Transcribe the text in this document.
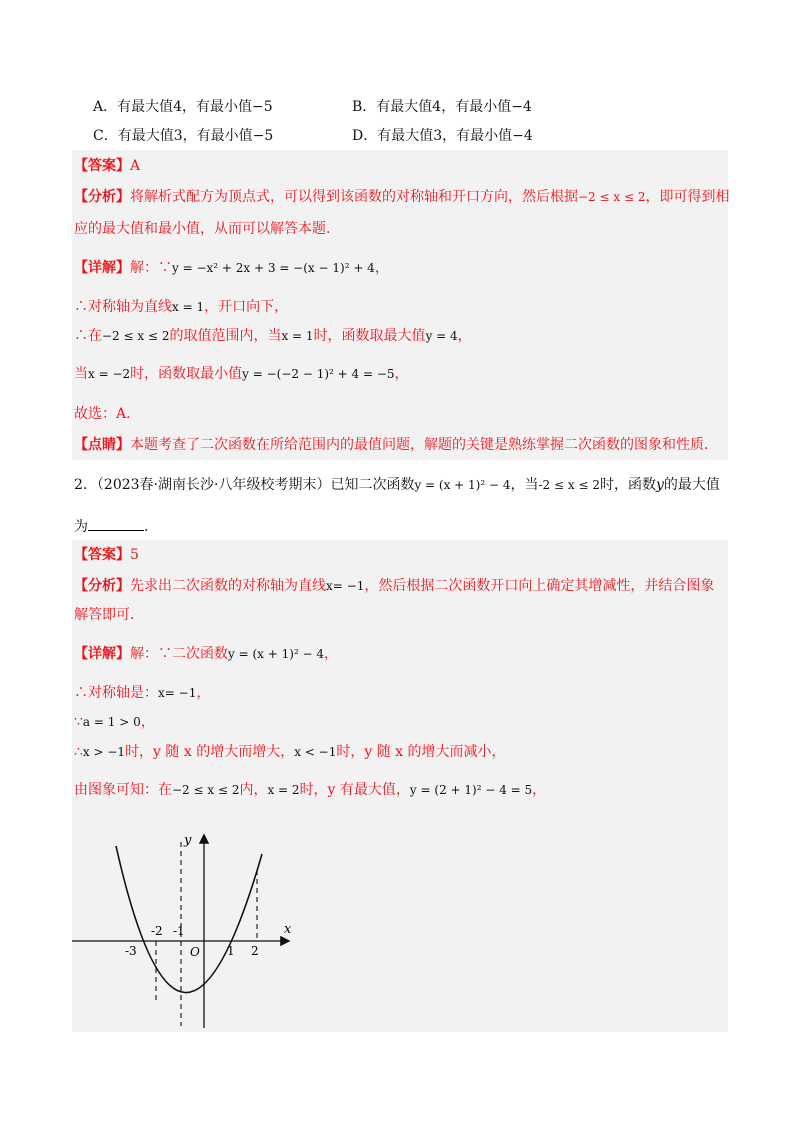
A．有最大值4，有最小值−5	B．有最大值4，有最小值−4
C．有最大值3，有最小值−5	D．有最大值3，有最小值−4
【答案】A
【分析】将解析式配方为顶点式，可以得到该函数的对称轴和开口方向，然后根据−2 ≤ x ≤ 2，即可得到相
应的最大值和最小值，从而可以解答本题．
【详解】解：∵y = −x² + 2x + 3 = −(x − 1)² + 4，
∴对称轴为直线x = 1，开口向下，
∴在−2 ≤ x ≤ 2的取值范围内，当x = 1时，函数取最大值y = 4，
当x = −2时，函数取最小值y = −(−2 − 1)² + 4 = −5，
故选：A．
【点睛】本题考查了二次函数在所给范围内的最值问题，解题的关键是熟练掌握二次函数的图象和性质．
2．（2023春·湖南长沙·八年级校考期末）已知二次函数y = (x + 1)² − 4，当-2 ≤ x ≤ 2时，函数y的最大值
为	．
【答案】5
【分析】先求出二次函数的对称轴为直线x= −1，然后根据二次函数开口向上确定其增减性，并结合图象
解答即可．
【详解】解：∵二次函数y = (x + 1)² − 4，
∴对称轴是：x= −1，
∵a = 1 > 0，
∴x > −1时，y 随 x 的增大而增大，x < −1时，y 随 x 的增大而减小，
由图象可知：在−2 ≤ x ≤ 2内，x = 2时，y 有最大值，y = (2 + 1)² − 4 = 5，
y
x
O
-3
-2 -1
1 2
